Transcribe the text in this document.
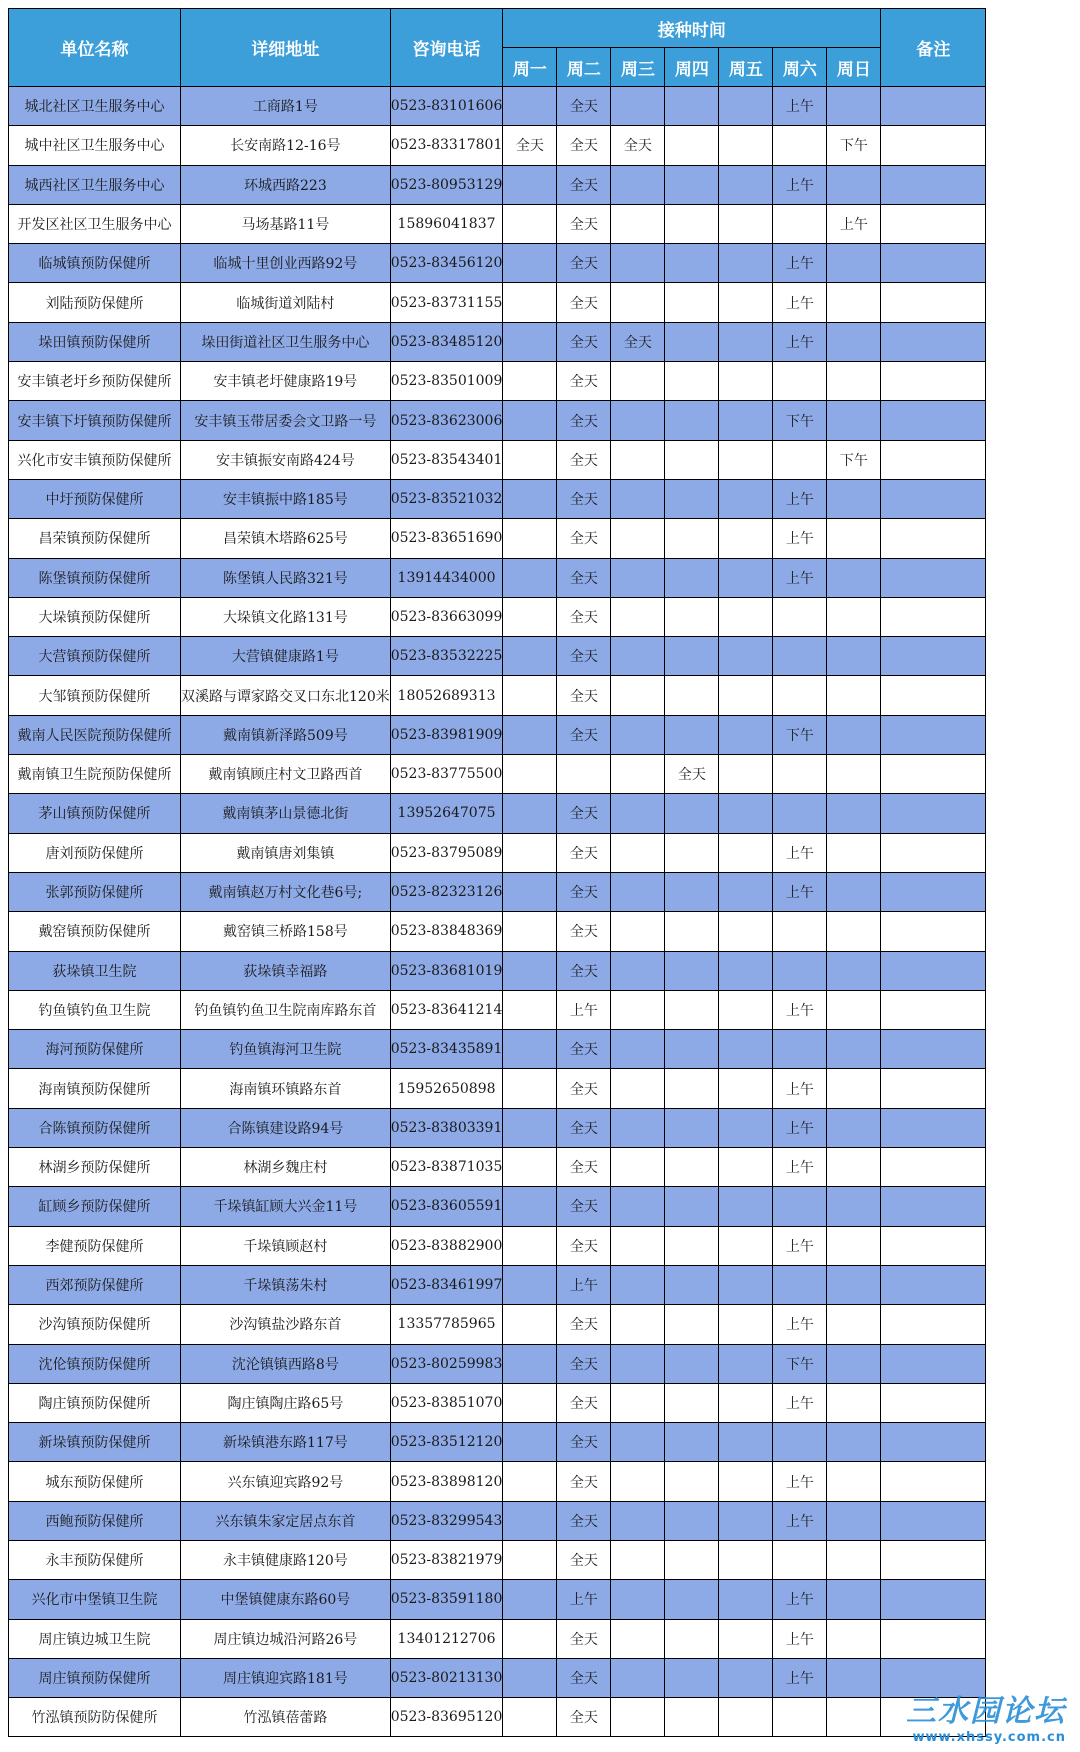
单位名称	详细地址	咨询电话	接种时间							备注
			周一	周二	周三	周四	周五	周六	周日	
城北社区卫生服务中心	工商路1号	0523-83101606		全天				上午		
城中社区卫生服务中心	长安南路12-16号	0523-83317801	全天	全天	全天				下午	
城西社区卫生服务中心	环城西路223	0523-80953129		全天				上午		
开发区社区卫生服务中心	马场基路11号	15896041837		全天					上午	
临城镇预防保健所	临城十里创业西路92号	0523-83456120		全天				上午		
刘陆预防保健所	临城街道刘陆村	0523-83731155		全天				上午		
垛田镇预防保健所	垛田街道社区卫生服务中心	0523-83485120		全天	全天			上午		
安丰镇老圩乡预防保健所	安丰镇老圩健康路19号	0523-83501009		全天						
安丰镇下圩镇预防保健所	安丰镇玉带居委会文卫路一号	0523-83623006		全天				下午		
兴化市安丰镇预防保健所	安丰镇振安南路424号	0523-83543401		全天					下午	
中圩预防保健所	安丰镇振中路185号	0523-83521032		全天				上午		
昌荣镇预防保健所	昌荣镇木塔路625号	0523-83651690		全天				上午		
陈堡镇预防保健所	陈堡镇人民路321号	13914434000		全天				上午		
大垛镇预防保健所	大垛镇文化路131号	0523-83663099		全天						
大营镇预防保健所	大营镇健康路1号	0523-83532225		全天						
大邹镇预防保健所	双溪路与谭家路交叉口东北120米	18052689313		全天						
戴南人民医院预防保健所	戴南镇新泽路509号	0523-83981909		全天				下午		
戴南镇卫生院预防保健所	戴南镇顾庄村文卫路西首	0523-83775500				全天				
茅山镇预防保健所	戴南镇茅山景德北街	13952647075		全天						
唐刘预防保健所	戴南镇唐刘集镇	0523-83795089		全天				上午		
张郭预防保健所	戴南镇赵万村文化巷6号;	0523-82323126		全天				上午		
戴窑镇预防保健所	戴窑镇三桥路158号	0523-83848369		全天						
荻垛镇卫生院	荻垛镇幸福路	0523-83681019		全天						
钓鱼镇钓鱼卫生院	钓鱼镇钓鱼卫生院南库路东首	0523-83641214		上午				上午		
海河预防保健所	钓鱼镇海河卫生院	0523-83435891		全天						
海南镇预防保健所	海南镇环镇路东首	15952650898		全天				上午		
合陈镇预防保健所	合陈镇建设路94号	0523-83803391		全天				上午		
林湖乡预防保健所	林湖乡魏庄村	0523-83871035		全天				上午		
缸顾乡预防保健所	千垛镇缸顾大兴金11号	0523-83605591		全天						
李健预防保健所	千垛镇顾赵村	0523-83882900		全天				上午		
西郊预防保健所	千垛镇荡朱村	0523-83461997		上午						
沙沟镇预防保健所	沙沟镇盐沙路东首	13357785965		全天				上午		
沈伦镇预防保健所	沈沦镇镇西路8号	0523-80259983		全天				下午		
陶庄镇预防保健所	陶庄镇陶庄路65号	0523-83851070		全天				上午		
新垛镇预防保健所	新垛镇港东路117号	0523-83512120		全天						
城东预防保健所	兴东镇迎宾路92号	0523-83898120		全天				上午		
西鲍预防保健所	兴东镇朱家定居点东首	0523-83299543		全天				上午		
永丰预防保健所	永丰镇健康路120号	0523-83821979		全天						
兴化市中堡镇卫生院	中堡镇健康东路60号	0523-83591180		上午				上午		
周庄镇边城卫生院	周庄镇边城沿河路26号	13401212706		全天				上午		
周庄镇预防保健所	周庄镇迎宾路181号	0523-80213130		全天				上午		
竹泓镇预防防保健所	竹泓镇蓓蕾路	0523-83695120		全天							三水园论坛
www.xhssy.com.cn
